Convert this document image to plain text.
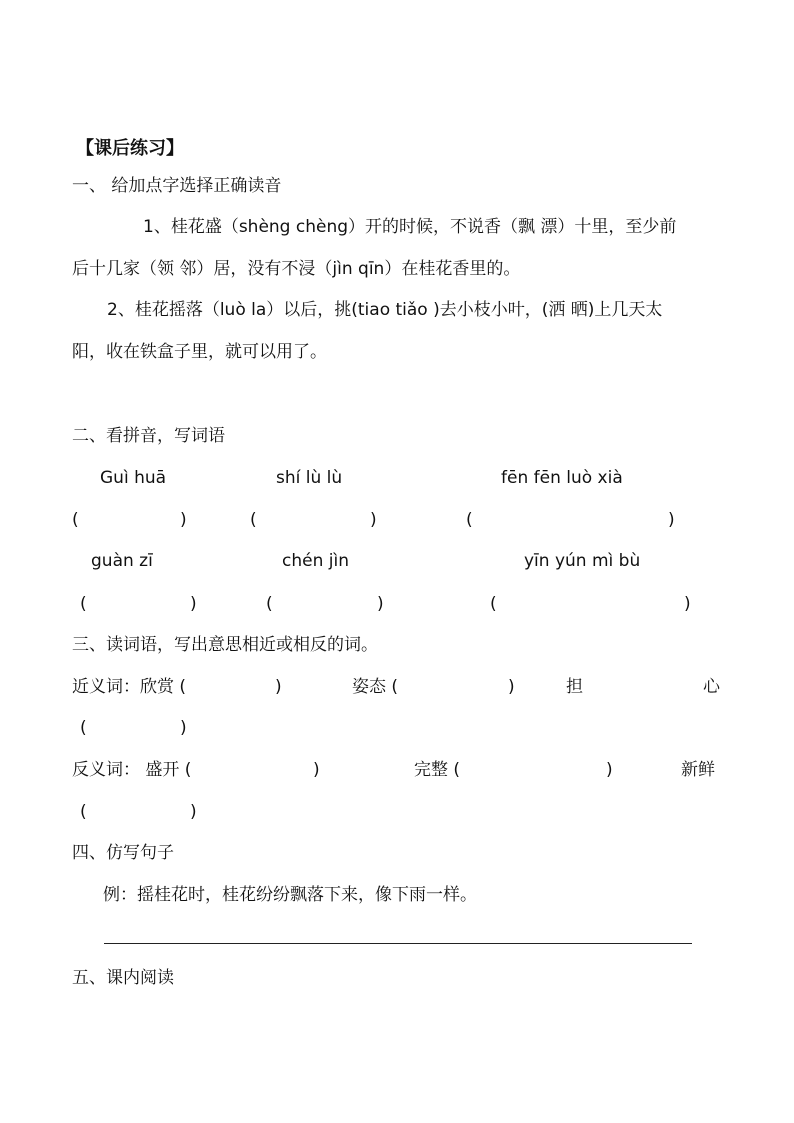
【课后练习】
一、 给加点字选择正确读音
1、桂花盛（shèng chèng）开的时候，不说香（飘 漂）十里，至少前
后十几家（领 邻）居，没有不浸（jìn qīn）在桂花香里的。
2、桂花摇落（luò la）以后，挑(tiao tiǎo )去小枝小叶，(洒 晒)上几天太
阳，收在铁盒子里，就可以用了。
二、看拼音，写词语
Guì huā	shí lù lù	fēn fēn luò xià
(	)	(	)	(	)
guàn zī	chén jìn	yīn yún mì bù
(	)	(	)	(	)
三、读词语，写出意思相近或相反的词。
近义词：欣赏 (	)	姿态 (	)	担	心
(	)
反义词： 盛开 (	)	完整 (	)	新鲜
(	)
四、仿写句子
例：摇桂花时，桂花纷纷飘落下来，像下雨一样。
五、课内阅读
